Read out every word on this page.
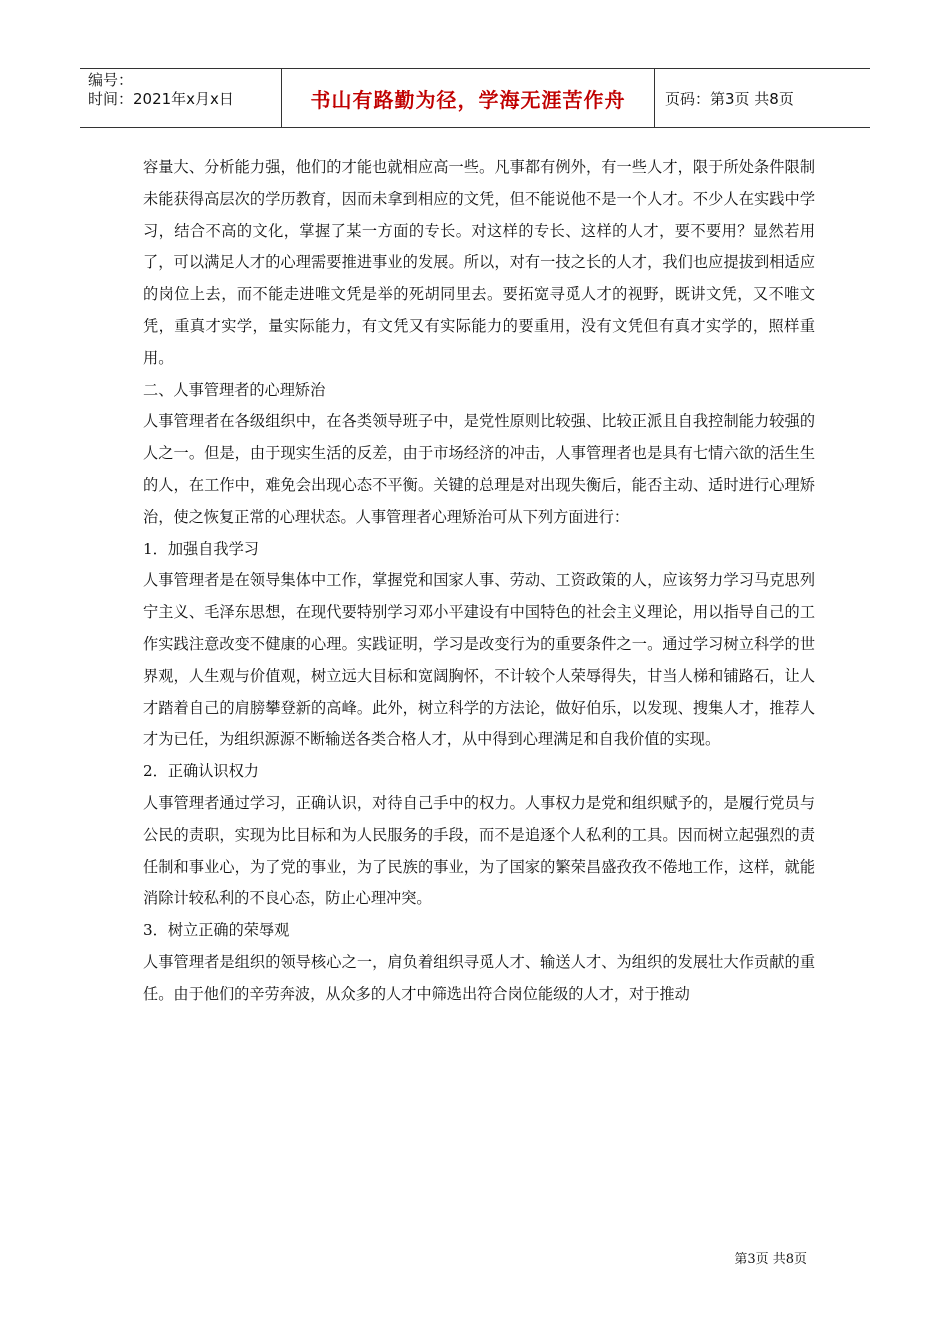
编号：
时间：2021年x月x日	书山有路勤为径，学海无涯苦作舟	页码：第3页 共8页

容量大、分析能力强，他们的才能也就相应高一些。凡事都有例外，有一些人才，限于所处条件限制未能获得高层次的学历教育，因而未拿到相应的文凭，但不能说他不是一个人才。不少人在实践中学习，结合不高的文化，掌握了某一方面的专长。对这样的专长、这样的人才，要不要用？显然若用了，可以满足人才的心理需要推进事业的发展。所以，对有一技之长的人才，我们也应提拔到相适应的岗位上去，而不能走进唯文凭是举的死胡同里去。要拓宽寻觅人才的视野，既讲文凭，又不唯文凭，重真才实学，量实际能力，有文凭又有实际能力的要重用，没有文凭但有真才实学的，照样重用。

二、人事管理者的心理矫治

人事管理者在各级组织中，在各类领导班子中，是党性原则比较强、比较正派且自我控制能力较强的人之一。但是，由于现实生活的反差，由于市场经济的冲击，人事管理者也是具有七情六欲的活生生的人，在工作中，难免会出现心态不平衡。关键的总理是对出现失衡后，能否主动、适时进行心理矫治，使之恢复正常的心理状态。人事管理者心理矫治可从下列方面进行：

1．加强自我学习

人事管理者是在领导集体中工作，掌握党和国家人事、劳动、工资政策的人，应该努力学习马克思列宁主义、毛泽东思想，在现代要特别学习邓小平建设有中国特色的社会主义理论，用以指导自己的工作实践注意改变不健康的心理。实践证明，学习是改变行为的重要条件之一。通过学习树立科学的世界观，人生观与价值观，树立远大目标和宽阔胸怀，不计较个人荣辱得失，甘当人梯和铺路石，让人才踏着自己的肩膀攀登新的高峰。此外，树立科学的方法论，做好伯乐，以发现、搜集人才，推荐人才为已任，为组织源源不断输送各类合格人才，从中得到心理满足和自我价值的实现。

2．正确认识权力

人事管理者通过学习，正确认识，对待自己手中的权力。人事权力是党和组织赋予的，是履行党员与公民的责职，实现为比目标和为人民服务的手段，而不是追逐个人私利的工具。因而树立起强烈的责任制和事业心，为了党的事业，为了民族的事业，为了国家的繁荣昌盛孜孜不倦地工作，这样，就能消除计较私利的不良心态，防止心理冲突。

3．树立正确的荣辱观

人事管理者是组织的领导核心之一，肩负着组织寻觅人才、输送人才、为组织的发展壮大作贡献的重任。由于他们的辛劳奔波，从众多的人才中筛选出符合岗位能级的人才，对于推动

第3页 共8页
